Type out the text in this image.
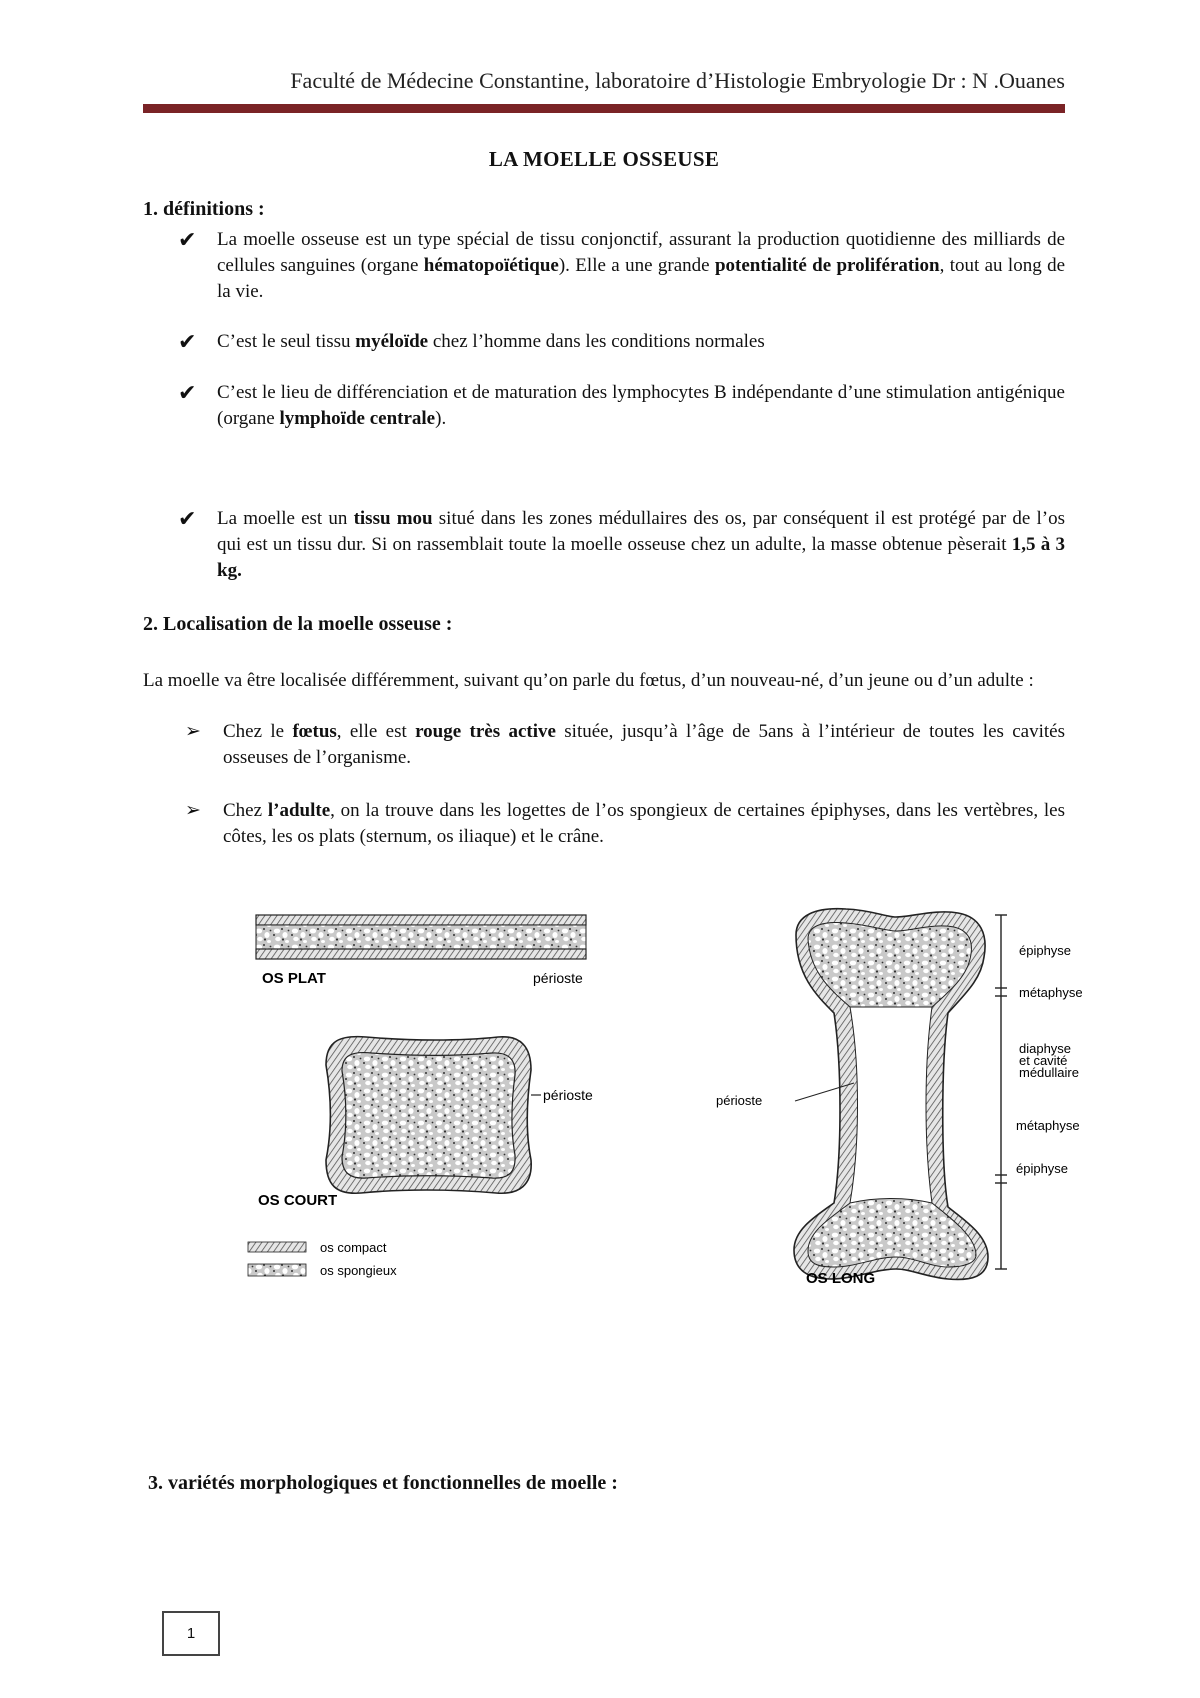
Faculté de Médecine Constantine, laboratoire d’Histologie Embryologie Dr : N .Ouanes
LA MOELLE OSSEUSE
1. définitions :
✔ La moelle osseuse est un type spécial de tissu conjonctif, assurant la production quotidienne des milliards de cellules sanguines (organe hématopoïétique). Elle a une grande potentialité de prolifération, tout au long de la vie.
✔ C’est le seul tissu myéloïde chez l’homme dans les conditions normales
✔ C’est le lieu de différenciation et de maturation des lymphocytes B indépendante d’une stimulation antigénique (organe lymphoïde centrale).
✔ La moelle est un tissu mou situé dans les zones médullaires des os, par conséquent il est protégé par de l’os qui est un tissu dur. Si on rassemblait toute la moelle osseuse chez un adulte, la masse obtenue pèserait 1,5 à 3 kg.
2. Localisation de la moelle osseuse :
La moelle va être localisée différemment, suivant qu’on parle du fœtus, d’un nouveau-né, d’un jeune ou d’un adulte :
➢ Chez le fœtus, elle est rouge très active située, jusqu’à l’âge de 5ans à l’intérieur de toutes les cavités osseuses de l’organisme.
➢ Chez l’adulte, on la trouve dans les logettes de l’os spongieux de certaines épiphyses, dans les vertèbres, les côtes, les os plats (sternum, os iliaque) et le crâne.
OS PLAT	périoste
périoste
OS COURT
os compact
os spongieux
périoste
OS LONG
épiphyse
métaphyse
diaphyse
et cavité
médullaire
métaphyse
épiphyse
3. variétés morphologiques et fonctionnelles de moelle :
1
